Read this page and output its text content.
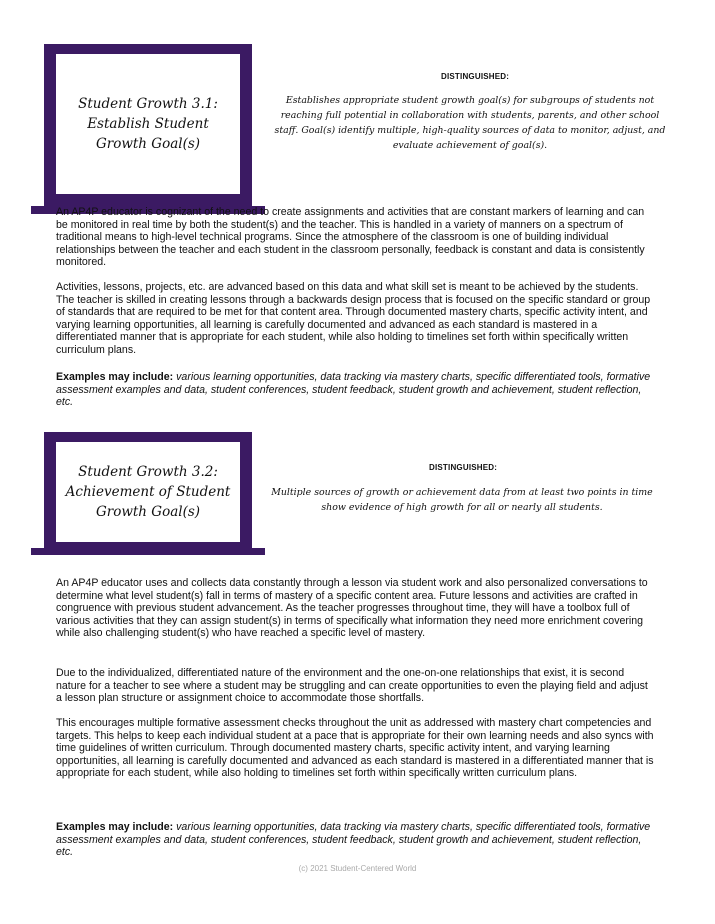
Student Growth 3.1: Establish Student Growth Goal(s)
DISTINGUISHED:
Establishes appropriate student growth goal(s) for subgroups of students not reaching full potential in collaboration with students, parents, and other school staff. Goal(s) identify multiple, high-quality sources of data to monitor, adjust, and evaluate achievement of goal(s).

An AP4P educator is cognizant of the need to create assignments and activities that are constant markers of learning and can be monitored in real time by both the student(s) and the teacher. This is handled in a variety of manners on a spectrum of traditional means to high-level technical programs. Since the atmosphere of the classroom is one of building individual relationships between the teacher and each student in the classroom personally, feedback is constant and data is consistently monitored.

Activities, lessons, projects, etc. are advanced based on this data and what skill set is meant to be achieved by the students. The teacher is skilled in creating lessons through a backwards design process that is focused on the specific standard or group of standards that are required to be met for that content area. Through documented mastery charts, specific activity intent, and varying learning opportunities, all learning is carefully documented and advanced as each standard is mastered in a differentiated manner that is appropriate for each student, while also holding to timelines set forth within specifically written curriculum plans.

Examples may include: various learning opportunities, data tracking via mastery charts, specific differentiated tools, formative assessment examples and data, student conferences, student feedback, student growth and achievement, student reflection, etc.

Student Growth 3.2: Achievement of Student Growth Goal(s)
DISTINGUISHED:
Multiple sources of growth or achievement data from at least two points in time show evidence of high growth for all or nearly all students.

An AP4P educator uses and collects data constantly through a lesson via student work and also personalized conversations to determine what level student(s) fall in terms of mastery of a specific content area. Future lessons and activities are crafted in congruence with previous student advancement. As the teacher progresses throughout time, they will have a toolbox full of various activities that they can assign student(s) in terms of specifically what information they need more enrichment covering while also challenging student(s) who have reached a specific level of mastery.

Due to the individualized, differentiated nature of the environment and the one-on-one relationships that exist, it is second nature for a teacher to see where a student may be struggling and can create opportunities to even the playing field and adjust a lesson plan structure or assignment choice to accommodate those shortfalls.

This encourages multiple formative assessment checks throughout the unit as addressed with mastery chart competencies and targets. This helps to keep each individual student at a pace that is appropriate for their own learning needs and also syncs with time guidelines of written curriculum. Through documented mastery charts, specific activity intent, and varying learning opportunities, all learning is carefully documented and advanced as each standard is mastered in a differentiated manner that is appropriate for each student, while also holding to timelines set forth within specifically written curriculum plans.

Examples may include: various learning opportunities, data tracking via mastery charts, specific differentiated tools, formative assessment examples and data, student conferences, student feedback, student growth and achievement, student reflection, etc.

(c) 2021 Student-Centered World
